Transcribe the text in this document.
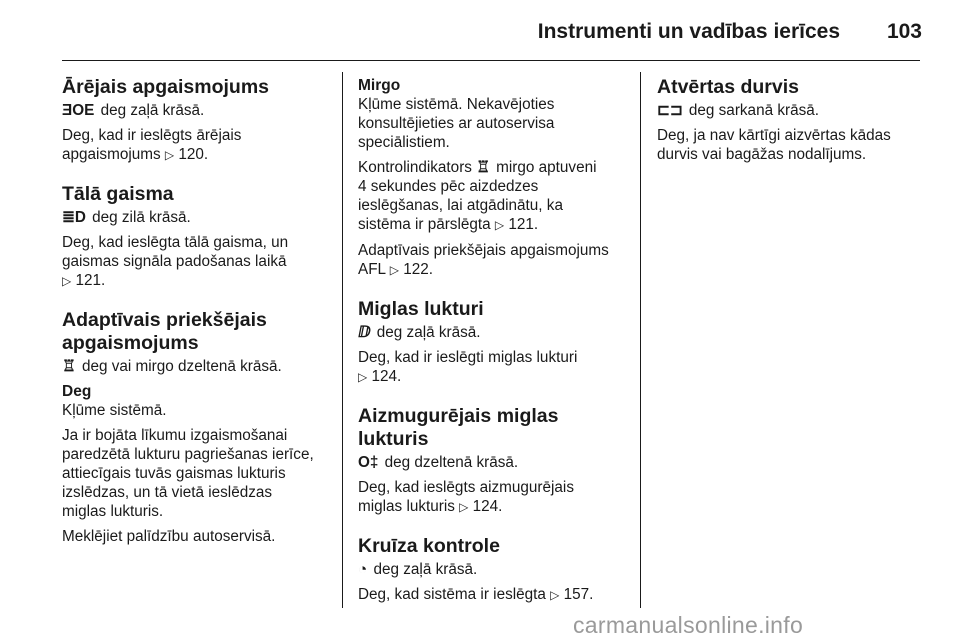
Instrumenti un vadības ierīces 103
Ārējais apgaismojums

ƎOE deg zaļā krāsā.

Deg, kad ir ieslēgts ārējais
apgaismojums ▷ 120.

Tālā gaisma

≣D deg zilā krāsā.

Deg, kad ieslēgta tālā gaisma, un
gaismas signāla padošanas laikā
▷ 121.

Adaptīvais priekšējais
apgaismojums

♖ deg vai mirgo dzeltenā krāsā.

Deg

Kļūme sistēmā.

Ja ir bojāta līkumu izgaismošanai
paredzētā lukturu pagriešanas ierīce,
attiecīgais tuvās gaismas lukturis
izslēdzas, un tā vietā ieslēdzas
miglas lukturis.

Meklējiet palīdzību autoservisā.

Mirgo

Kļūme sistēmā. Nekavējoties
konsultējieties ar autoservisa
speciālistiem.

Kontrolindikators ♖ mirgo aptuveni
4 sekundes pēc aizdedzes
ieslēgšanas, lai atgādinātu, ka
sistēma ir pārslēgta ▷ 121.

Adaptīvais priekšējais apgaismojums
AFL ▷ 122.

Miglas lukturi

ⅅ deg zaļā krāsā.

Deg, kad ir ieslēgti miglas lukturi
▷ 124.

Aizmugurējais miglas lukturis

O‡ deg dzeltenā krāsā.

Deg, kad ieslēgts aizmugurējais
miglas lukturis ▷ 124.

Kruīza kontrole

◔ deg zaļā krāsā.

Deg, kad sistēma ir ieslēgta ▷ 157.

Atvērtas durvis

⊏⊐ deg sarkanā krāsā.

Deg, ja nav kārtīgi aizvērtas kādas
durvis vai bagāžas nodalījums.

carmanualsonline.info
